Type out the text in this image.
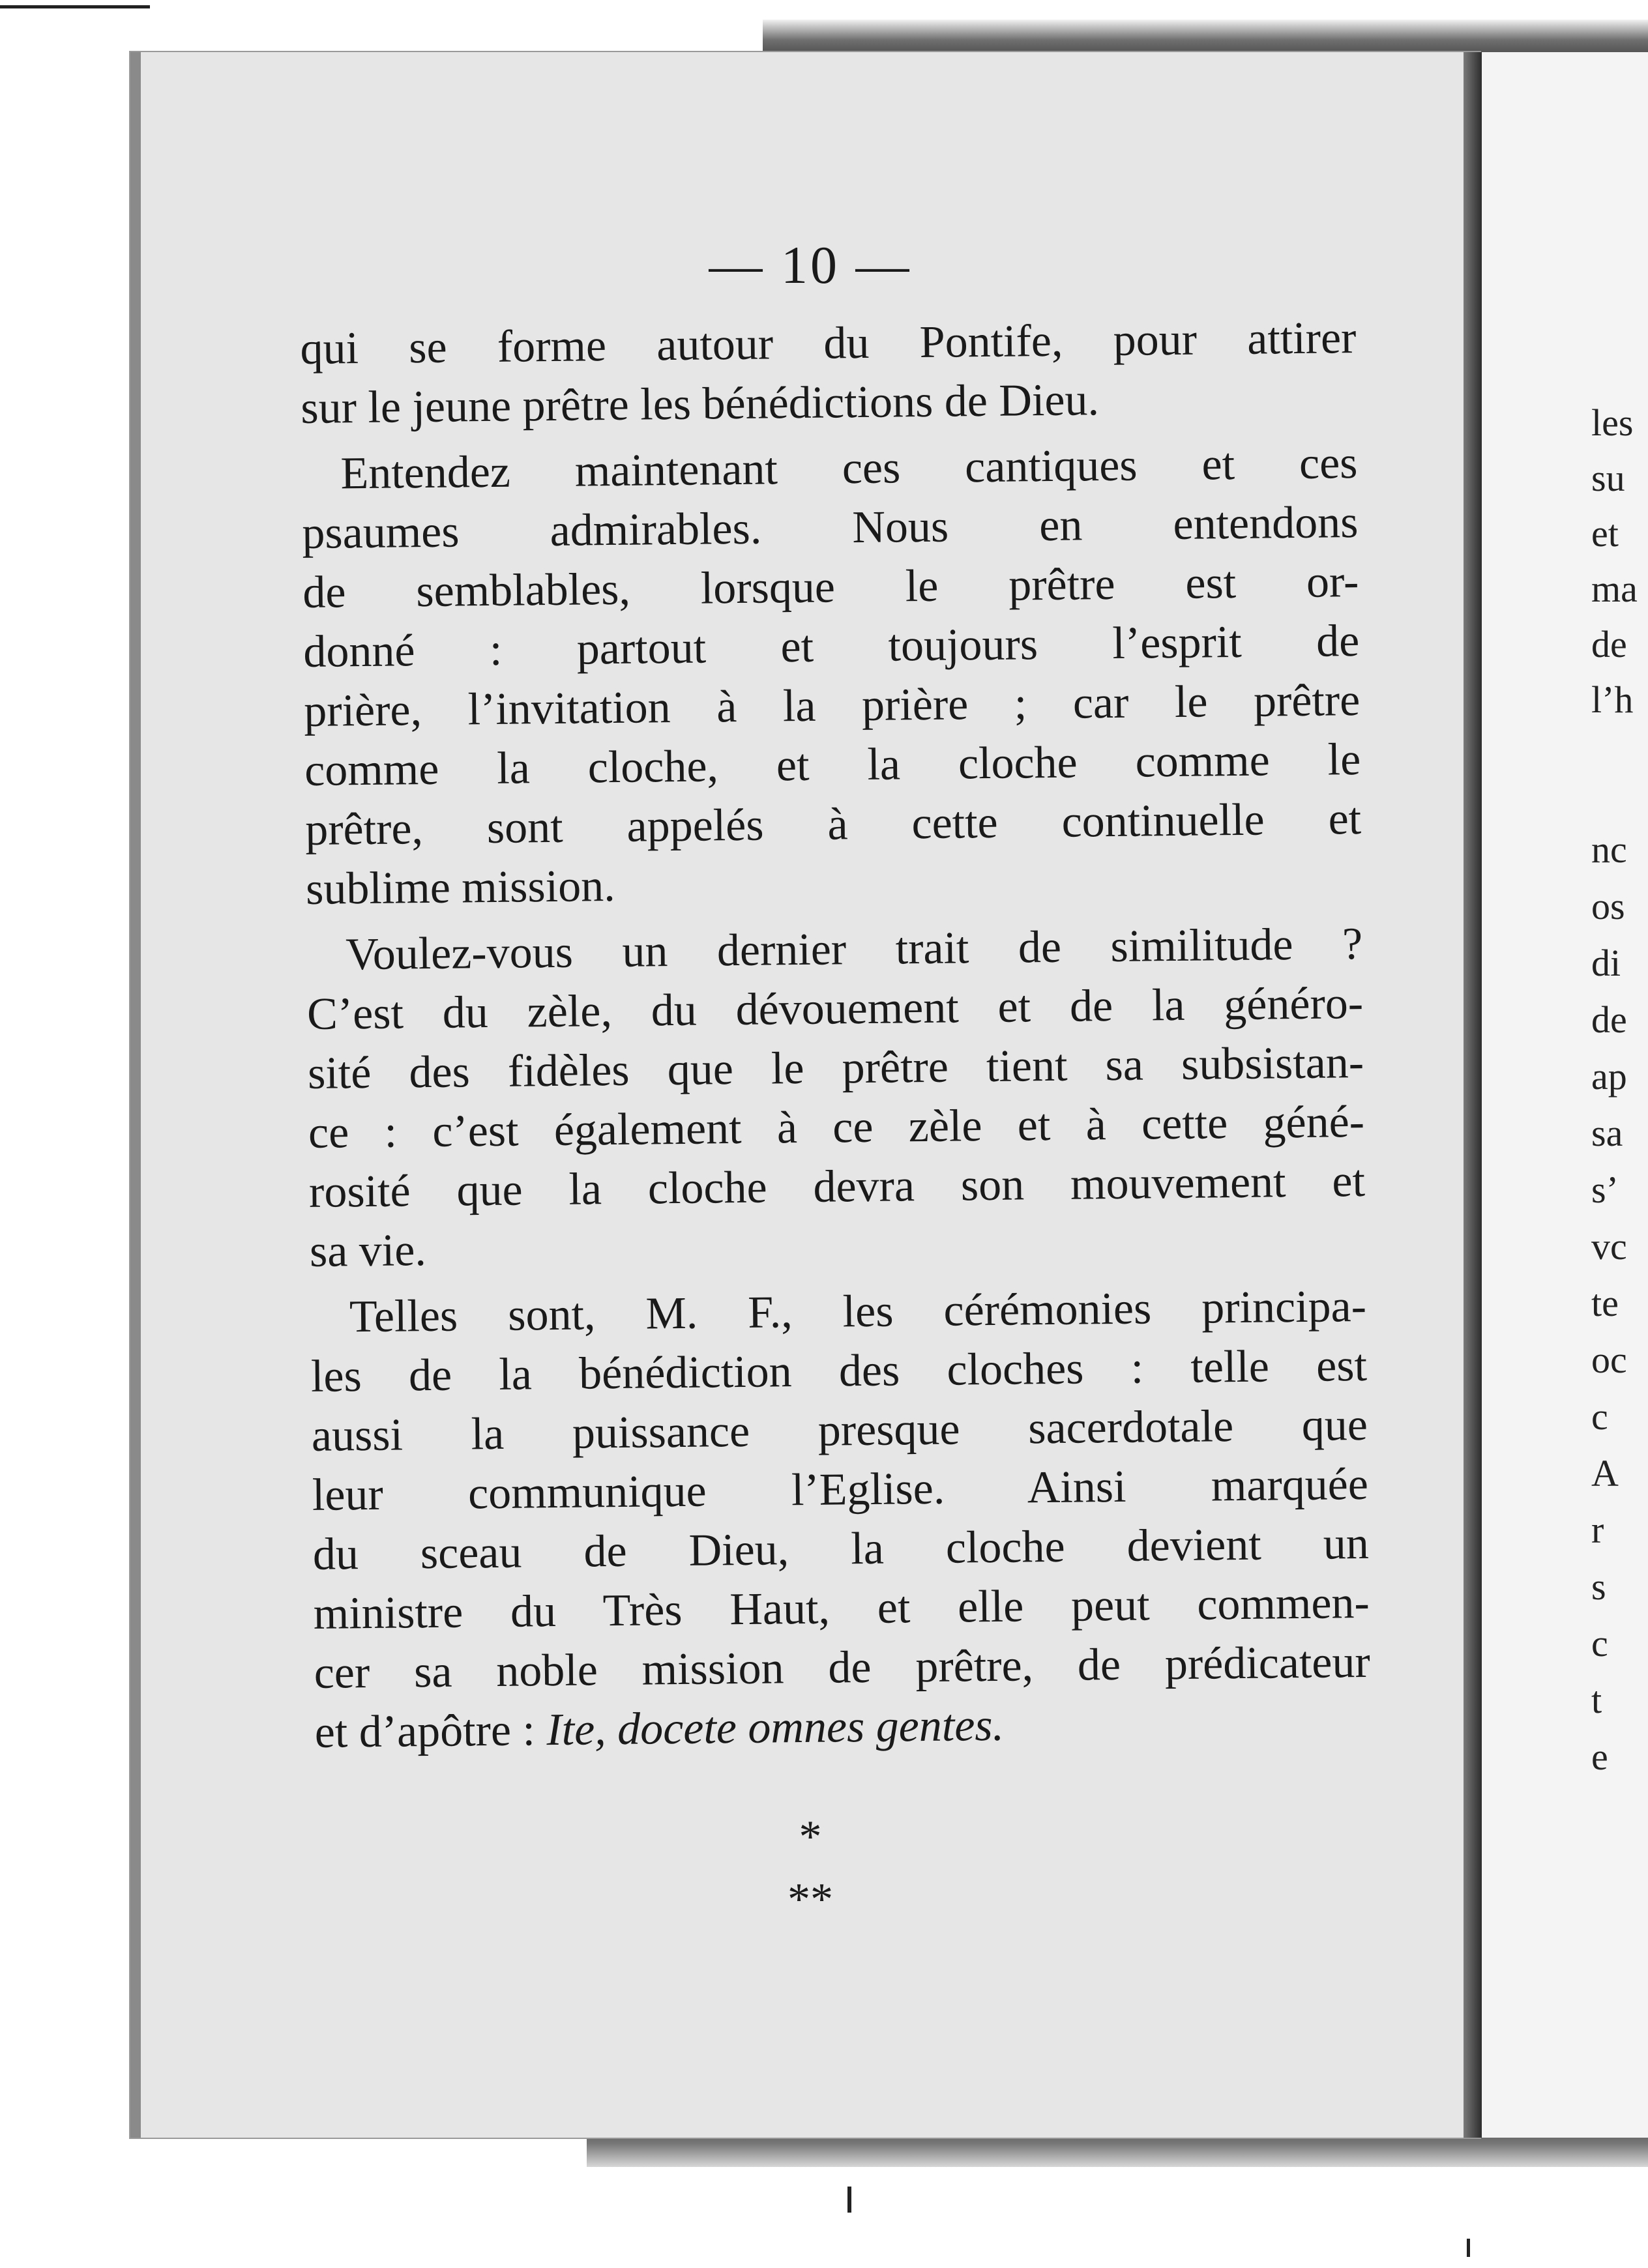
— 10 —
*
**
qui se forme autour du Pontife, pour attirer
sur le jeune prêtre les bénédictions de Dieu.
Entendez maintenant ces cantiques et ces
psaumes admirables. Nous en entendons
de semblables, lorsque le prêtre est or-
donné : partout et toujours l’esprit de
prière, l’invitation à la prière ; car le prêtre
comme la cloche, et la cloche comme le
prêtre, sont appelés à cette continuelle et
sublime mission.
Voulez-vous un dernier trait de similitude ?
C’est du zèle, du dévouement et de la généro-
sité des fidèles que le prêtre tient sa subsistan-
ce : c’est également à ce zèle et à cette géné-
rosité que la cloche devra son mouvement et
sa vie.
Telles sont, M. F., les cérémonies principa-
les de la bénédiction des cloches : telle est
aussi la puissance presque sacerdotale que
leur communique l’Eglise. Ainsi marquée
du sceau de Dieu, la cloche devient un
ministre du Très Haut, et elle peut commen-
cer sa noble mission de prêtre, de prédicateur
et d’apôtre : Ite, docete omnes gentes.
les
su
et
ma
de
l’h
nc
os
di
de
ap
sa
s’
vc
te
oc
c
A
r
s
c
t
e
